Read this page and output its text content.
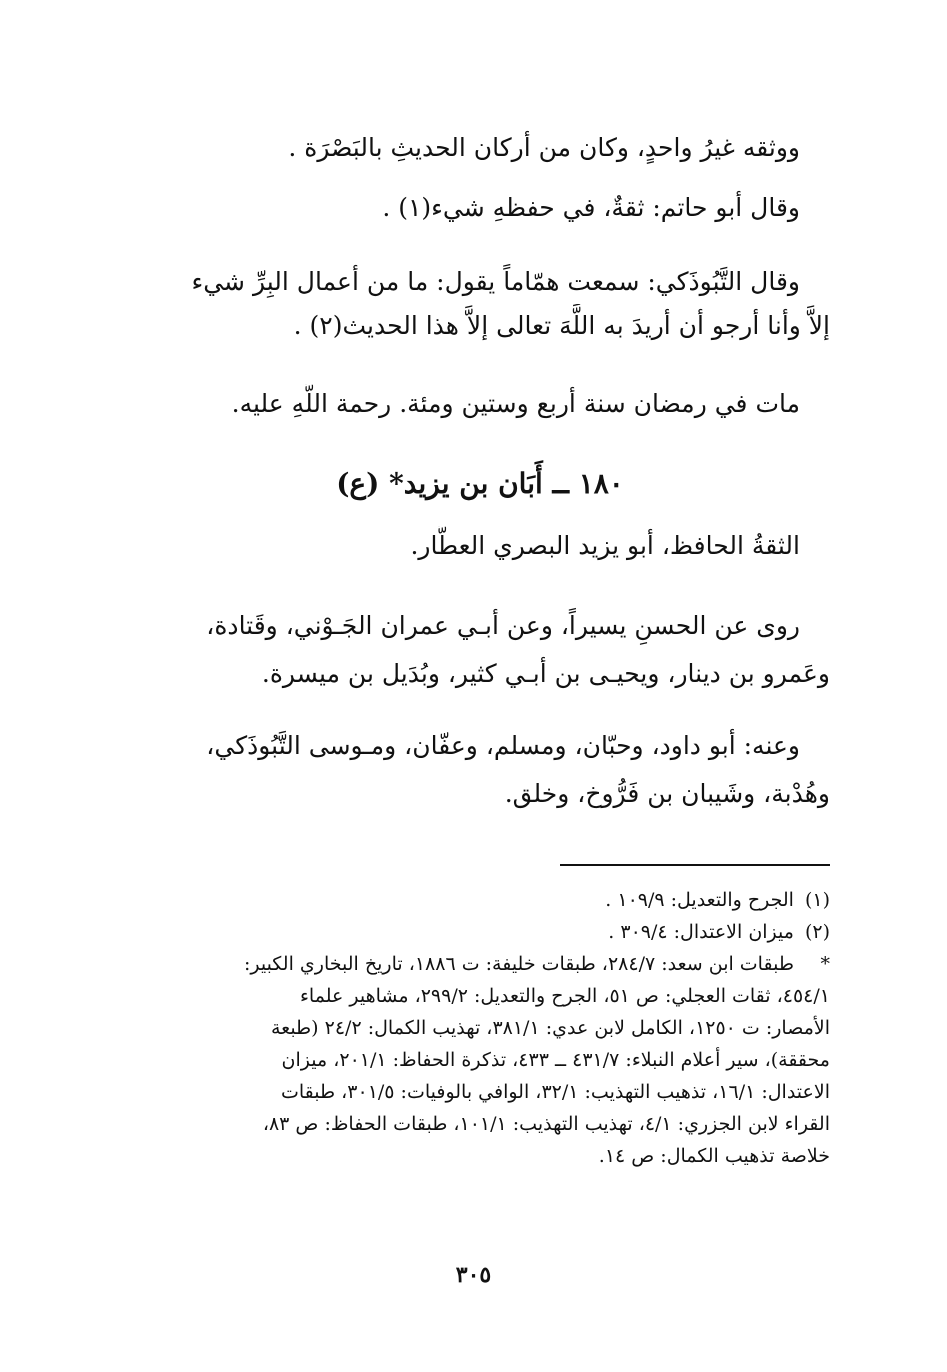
ووثقه غيرُ واحدٍ، وكان من أركان الحديثِ بالبَصْرَة .
وقال أبو حاتم: ثقةٌ، في حفظهِ شيء(١) .
وقال التَّبُوذَكي: سمعت همّاماً يقول: ما من أعمال البِرِّ شيء
إلاَّ وأنا أرجو أن أريدَ به اللَّهَ تعالى إلاَّ هذا الحديث(٢) .
مات في رمضان سنة أربع وستين ومئة. رحمة اللَّهِ عليه.
١٨٠ ــ أَبَان بن يزيد* (ع)
الثقةُ الحافظ، أبو يزيد البصري العطَّار.
روى عن الحسنِ يسيراً، وعن أبـي عمران الجَـوْني، وقَتادة،
وعَمرو بن دينار، ويحيـى بن أبـي كثير، وبُدَيل بن ميسرة.
وعنه: أبو داود، وحبّان، ومسلم، وعفّان، ومـوسى التَّبُوذَكي،
وهُدْبة، وشَيبان بن فَرُّوخ، وخلق.
(١) الجرح والتعديل: ١٠٩/٩ .
(٢) ميزان الاعتدال: ٣٠٩/٤ .
* طبقات ابن سعد: ٢٨٤/٧، طبقات خليفة: ت ١٨٨٦، تاريخ البخاري الكبير:
٤٥٤/١، ثقات العجلي: ص ٥١، الجرح والتعديل: ٢٩٩/٢، مشاهير علماء
الأمصار: ت ١٢٥٠، الكامل لابن عدي: ٣٨١/١، تهذيب الكمال: ٢٤/٢ (طبعة
محققة)، سير أعلام النبلاء: ٤٣١/٧ ــ ٤٣٣، تذكرة الحفاظ: ٢٠١/١، ميزان
الاعتدال: ١٦/١، تذهيب التهذيب: ٣٢/١، الوافي بالوفيات: ٣٠١/٥، طبقات
القراء لابن الجزري: ٤/١، تهذيب التهذيب: ١٠١/١، طبقات الحفاظ: ص ٨٣،
خلاصة تذهيب الكمال: ص ١٤.
٣٠٥
